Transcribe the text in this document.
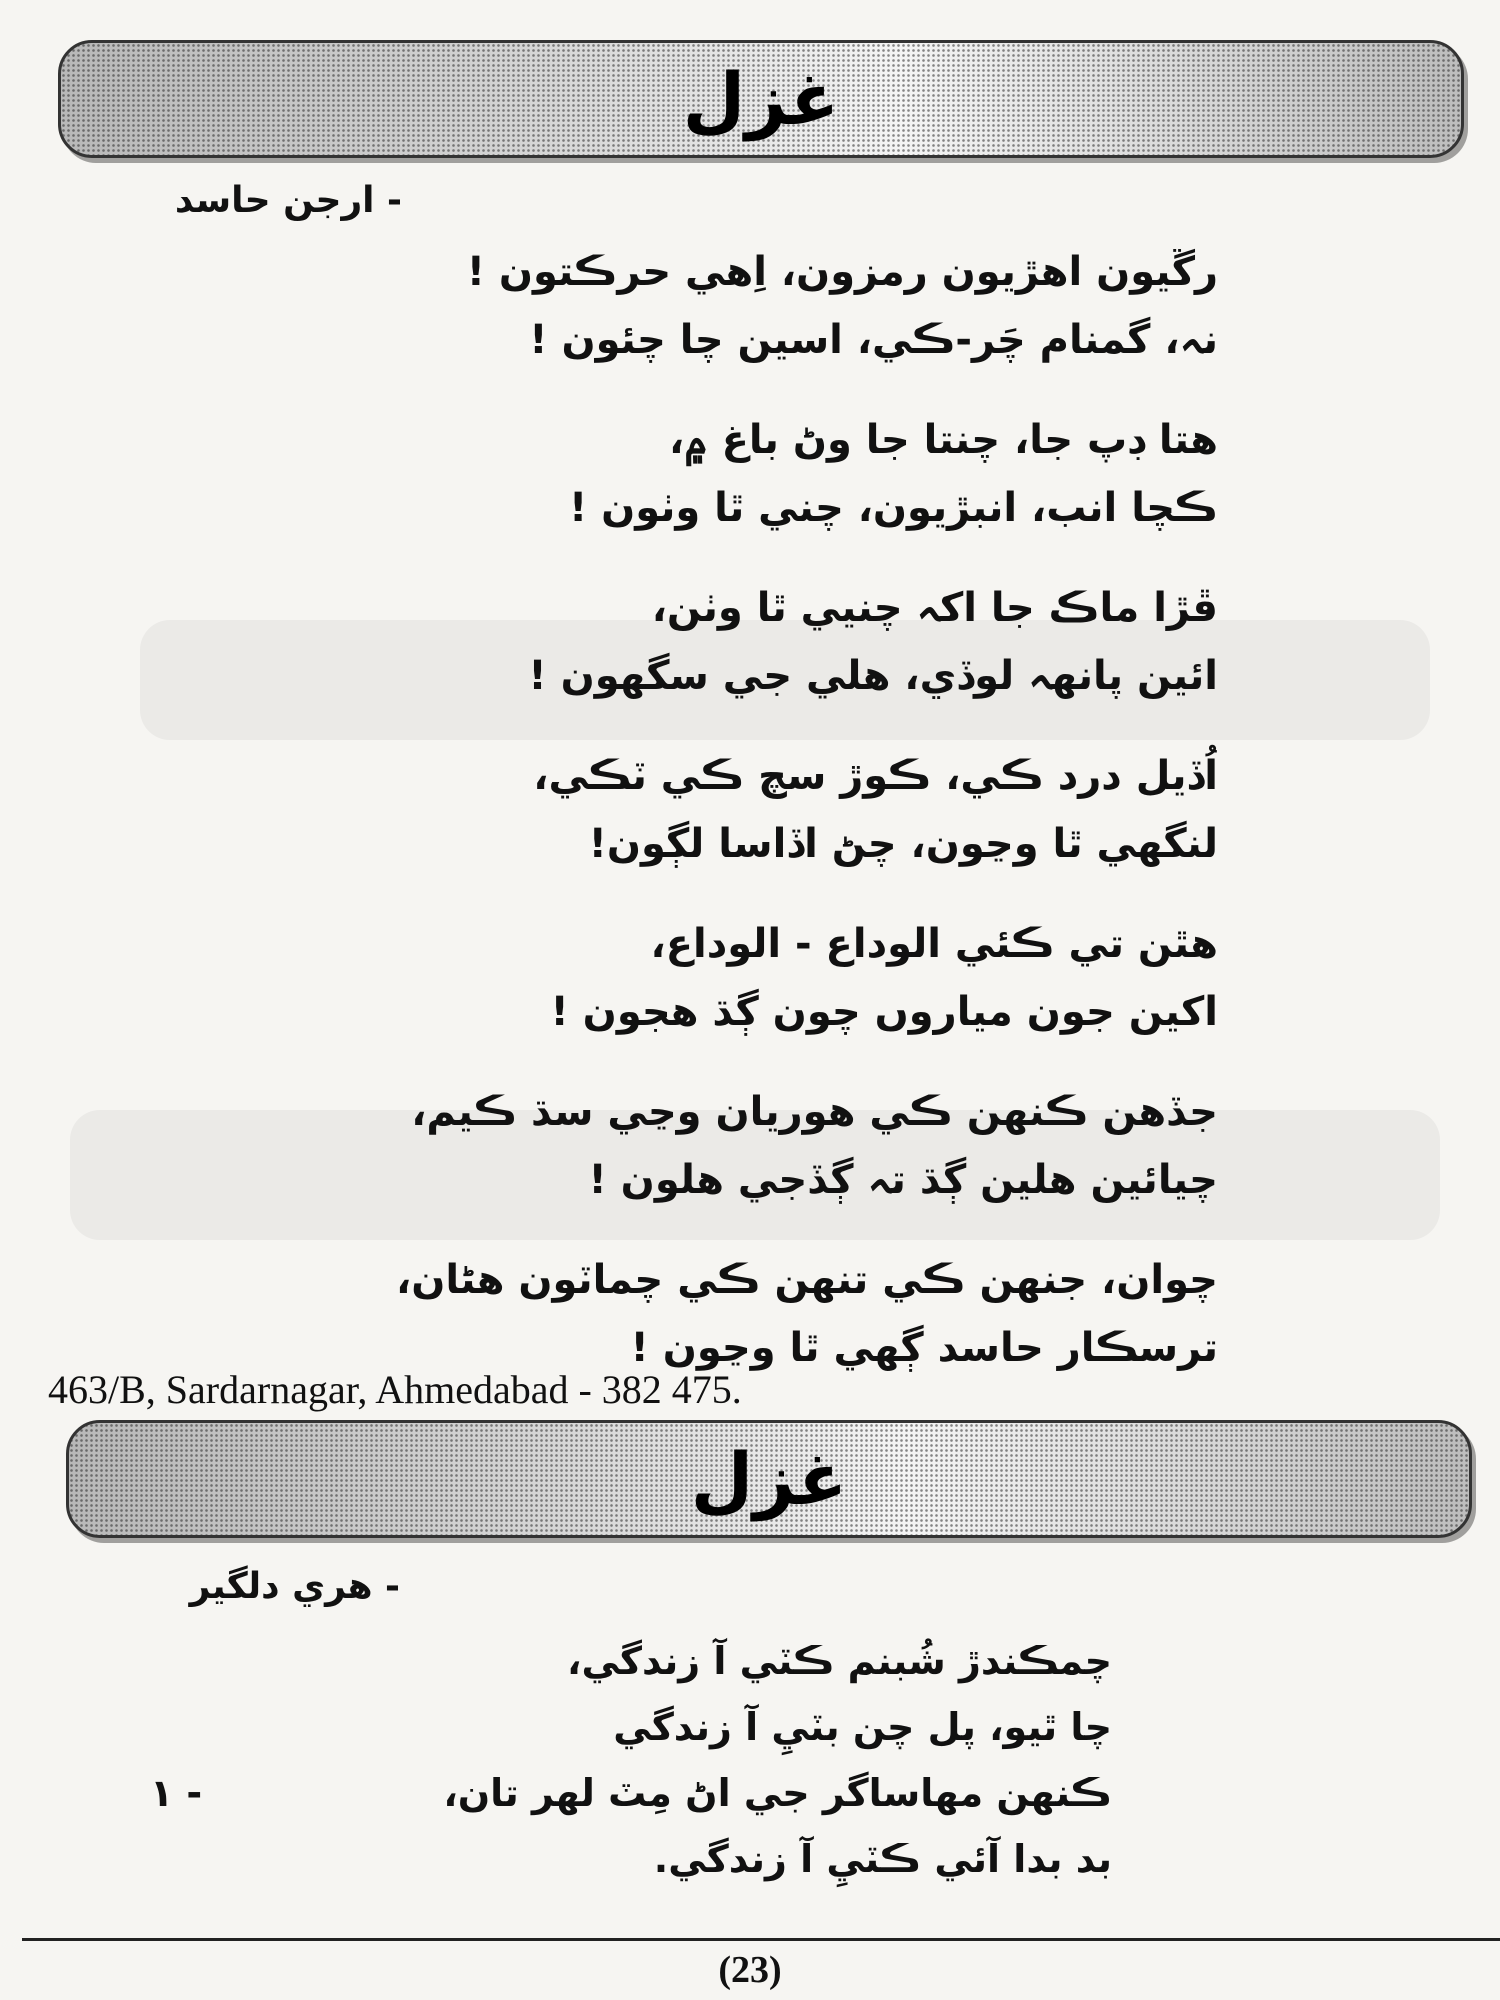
غزل
- ارجن حاسد
رڱيون اهڙيون رمزون، اِهي حرڪتون !
نہ، گمنام چَر-ڪي، اسين چا چئون !
هتا ڊپ جا، چنتا جا وڻ باغ ۾،
ڪچا انب، انبڙيون، چني ٿا وٺون !
ڦڙا ماڪ جا اکہ چنيي ٿا وٺن،
ائين پانهہ لوڏي، هلي جي سگھون !
اُڏيل درد ڪي، ڪوڙ سچ ڪي ٽڪي،
لنگھي ٿا وڃون، چڻ اڏاسا لڳون!
هٿن تي ڪئي الوداع - الوداع،
اکين جون مياروں چون ڳڌ هجون !
جڏهن ڪنهن ڪي هوريان وڃي سڌ ڪيم،
چيائين هلين ڳڌ تہ ڳڏجي هلون !
چوان، جنهن ڪي تنهن ڪي چماٽون هڻان،
ترسڪار حاسد ڳھي ٿا وڃون !
463/B, Sardarnagar, Ahmedabad - 382 475.
غزل
- هري دلگير
چمڪندڙ شُبنم ڪٽي آ زندگي،
چا ٿيو، پل چن بٽيِ آ زندگي
ڪنهن مهاساگر جي اڻ مِٽ لهر تان،
١ -
بد بدا آئي ڪٽيِ آ زندگي.
(23)
